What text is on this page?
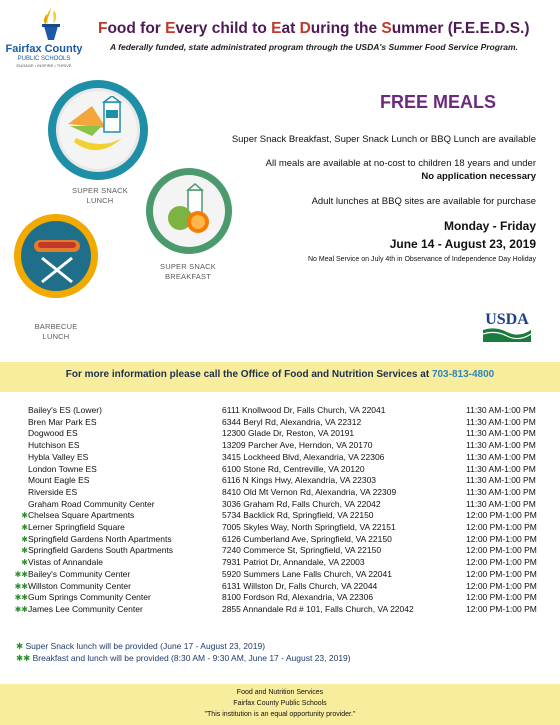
Fairfax County
PUBLIC SCHOOLS
ENGAGE • INSPIRE • THRIVE
Food for Every child to Eat During the Summer (F.E.E.D.S.)
A federally funded, state administrated program through the USDA's Summer Food Service Program.
SUPER SNACK
LUNCH
SUPER SNACK
BREAKFAST
BARBECUE
LUNCH
FREE MEALS
Super Snack Breakfast, Super Snack Lunch or BBQ Lunch are available
All meals are available at no-cost to children 18 years and under
No application necessary
Adult lunches at BBQ sites are available for purchase
Monday - Friday
June 14 - August 23, 2019
No Meal Service on July 4th in Observance of Independence Day Holiday
USDA
For more information please call the Office of Food and Nutrition Services at 703-813-4800
Bailey's ES (Lower)	6111 Knollwood Dr, Falls Church, VA 22041	11:30 AM-1:00 PM
Bren Mar Park ES	6344 Beryl Rd, Alexandria, VA 22312	11:30 AM-1:00 PM
Dogwood ES	12300 Glade Dr, Reston, VA 20191	11:30 AM-1:00 PM
Hutchison ES	13209 Parcher Ave, Herndon, VA 20170	11:30 AM-1:00 PM
Hybla Valley ES	3415 Lockheed Blvd, Alexandria, VA 22306	11:30 AM-1:00 PM
London Towne ES	6100 Stone Rd, Centreville, VA 20120	11:30 AM-1:00 PM
Mount Eagle ES	6116 N Kings Hwy, Alexandria, VA 22303	11:30 AM-1:00 PM
Riverside ES	8410 Old Mt Vernon Rd, Alexandria, VA 22309	11:30 AM-1:00 PM
Graham Road Community Center	3036 Graham Rd, Falls Church, VA 22042	11:30 AM-1:00 PM
✱ Chelsea Square Apartments	5734 Backlick Rd, Springfield, VA 22150	12:00 PM-1:00 PM
✱ Lerner Springfield Square	7005 Skyles Way, North Springfield, VA 22151	12:00 PM-1:00 PM
✱ Springfield Gardens North Apartments	6126 Cumberland Ave, Springfield, VA 22150	12:00 PM-1:00 PM
✱ Springfield Gardens South Apartments	7240 Commerce St, Springfield, VA 22150	12:00 PM-1:00 PM
✱ Vistas of Annandale	7931 Patriot Dr, Annandale, VA 22003	12:00 PM-1:00 PM
✱✱ Bailey's Community Center	5920 Summers Lane Falls Church, VA 22041	12:00 PM-1:00 PM
✱✱ Willston Community Center	6131 Willston Dr, Falls Church, VA 22044	12:00 PM-1:00 PM
✱✱ Gum Springs Community Center	8100 Fordson Rd, Alexandria, VA 22306	12:00 PM-1:00 PM
✱✱ James Lee Community Center	2855 Annandale Rd # 101, Falls Church, VA 22042	12:00 PM-1:00 PM
✱ Super Snack lunch will be provided (June 17 - August 23, 2019)
✱✱ Breakfast and lunch will be provided (8:30 AM - 9:30 AM, June 17 - August 23, 2019)
Food and Nutrition Services
Fairfax County Public Schools
"This institution is an equal opportunity provider."
